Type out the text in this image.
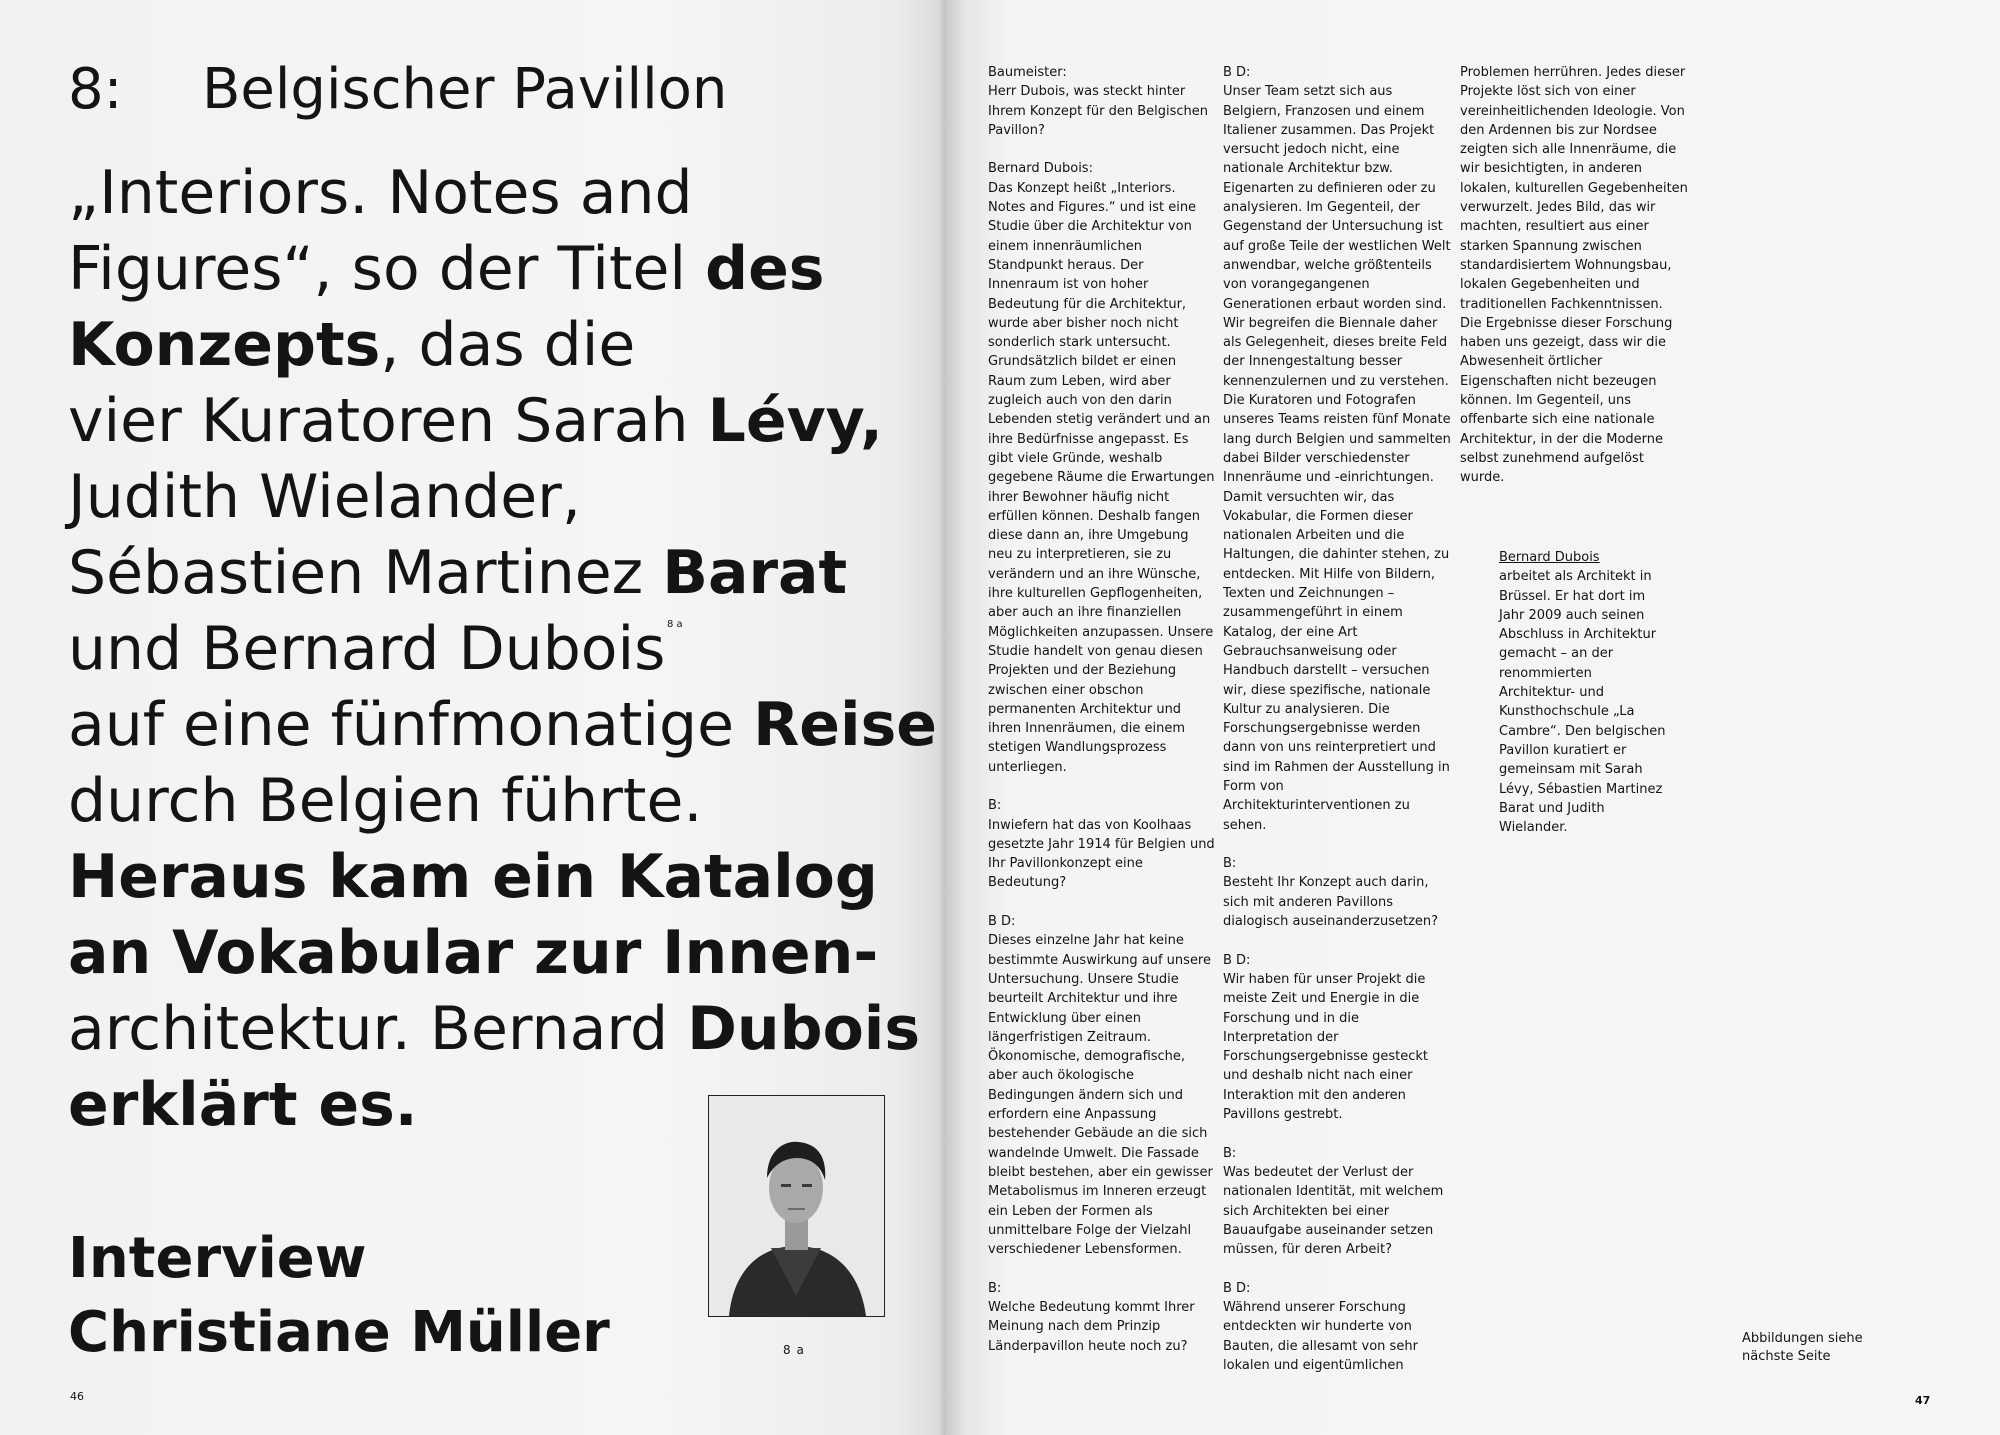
8: Belgischer Pavillon
„Interiors. Notes and
Figures“, so der Titel des
Konzepts, das die
vier Kuratoren Sarah Lévy,
Judith Wielander,
Sébastien Martinez Barat
und Bernard Dubois
auf eine fünfmonatige Reise
durch Belgien führte.
Heraus kam ein Katalog
an Vokabular zur Innen-
architektur. Bernard Dubois
erklärt es.
8 a
Interview
Christiane Müller	8 a
46

Baumeister:
Herr Dubois, was steckt hinter Ihrem Konzept für den Belgischen Pavillon?

Bernard Dubois:
Das Konzept heißt „Interiors. Notes and Figures.“ und ist eine Studie über die Architektur von einem innenräumlichen Standpunkt heraus. Der Innenraum ist von hoher Bedeutung für die Architektur, wurde aber bisher noch nicht sonderlich stark untersucht. Grundsätzlich bildet er einen Raum zum Leben, wird aber zugleich auch von den darin Lebenden stetig verändert und an ihre Bedürfnisse angepasst. Es gibt viele Gründe, weshalb gegebene Räume die Erwartungen ihrer Bewohner häufig nicht erfüllen können. Deshalb fangen diese dann an, ihre Umgebung neu zu interpretieren, sie zu verändern und an ihre Wünsche, ihre kulturellen Gepflogenheiten, aber auch an ihre finanziellen Möglichkeiten anzupassen. Unsere Studie handelt von genau diesen Projekten und der Beziehung zwischen einer obschon permanenten Architektur und ihren Innenräumen, die einem stetigen Wandlungsprozess unterliegen.

B:
Inwiefern hat das von Koolhaas gesetzte Jahr 1914 für Belgien und Ihr Pavillonkonzept eine Bedeutung?

B D:
Dieses einzelne Jahr hat keine bestimmte Auswirkung auf unsere Untersuchung. Unsere Studie beurteilt Architektur und ihre Entwicklung über einen längerfristigen Zeitraum. Ökonomische, demografische, aber auch ökologische Bedingungen ändern sich und erfordern eine Anpassung bestehender Gebäude an die sich wandelnde Umwelt. Die Fassade bleibt bestehen, aber ein gewisser Metabolismus im Inneren erzeugt ein Leben der Formen als unmittelbare Folge der Vielzahl verschiedener Lebensformen.

B:
Welche Bedeutung kommt Ihrer Meinung nach dem Prinzip Länderpavillon heute noch zu?

B D:
Unser Team setzt sich aus Belgiern, Franzosen und einem Italiener zusammen. Das Projekt versucht jedoch nicht, eine nationale Architektur bzw. Eigenarten zu definieren oder zu analysieren. Im Gegenteil, der Gegenstand der Untersuchung ist auf große Teile der westlichen Welt anwendbar, welche größtenteils von vorangegangenen Generationen erbaut worden sind. Wir begreifen die Biennale daher als Gelegenheit, dieses breite Feld der Innengestaltung besser kennenzulernen und zu verstehen. Die Kuratoren und Fotografen unseres Teams reisten fünf Monate lang durch Belgien und sammelten dabei Bilder verschiedenster Innenräume und -einrichtungen. Damit versuchten wir, das Vokabular, die Formen dieser nationalen Arbeiten und die Haltungen, die dahinter stehen, zu entdecken. Mit Hilfe von Bildern, Texten und Zeichnungen – zusammengeführt in einem Katalog, der eine Art Gebrauchsanweisung oder Handbuch darstellt – versuchen wir, diese spezifische, nationale Kultur zu analysieren. Die Forschungsergebnisse werden dann von uns reinterpretiert und sind im Rahmen der Ausstellung in Form von Architekturinterventionen zu sehen.

B:
Besteht Ihr Konzept auch darin, sich mit anderen Pavillons dialogisch auseinanderzusetzen?

B D:
Wir haben für unser Projekt die meiste Zeit und Energie in die Forschung und in die Interpretation der Forschungsergebnisse gesteckt und deshalb nicht nach einer Interaktion mit den anderen Pavillons gestrebt.

B:
Was bedeutet der Verlust der nationalen Identität, mit welchem sich Architekten bei einer Bauaufgabe auseinander setzen müssen, für deren Arbeit?

B D:
Während unserer Forschung entdeckten wir hunderte von Bauten, die allesamt von sehr lokalen und eigentümlichen

Problemen herrühren. Jedes dieser Projekte löst sich von einer vereinheitlichenden Ideologie. Von den Ardennen bis zur Nordsee zeigten sich alle Innenräume, die wir besichtigten, in anderen lokalen, kulturellen Gegebenheiten verwurzelt. Jedes Bild, das wir machten, resultiert aus einer starken Spannung zwischen standardisiertem Wohnungsbau, lokalen Gegebenheiten und traditionellen Fachkenntnissen. Die Ergebnisse dieser Forschung haben uns gezeigt, dass wir die Abwesenheit örtlicher Eigenschaften nicht bezeugen können. Im Gegenteil, uns offenbarte sich eine nationale Architektur, in der die Moderne selbst zunehmend aufgelöst wurde.

Bernard Dubois
arbeitet als Architekt in Brüssel. Er hat dort im Jahr 2009 auch seinen Abschluss in Architektur gemacht – an der renommierten Architektur- und Kunsthochschule „La Cambre“. Den belgischen Pavillon kuratiert er gemeinsam mit Sarah Lévy, Sébastien Martinez Barat und Judith Wielander.
Abbildungen siehe nächste Seite
47
